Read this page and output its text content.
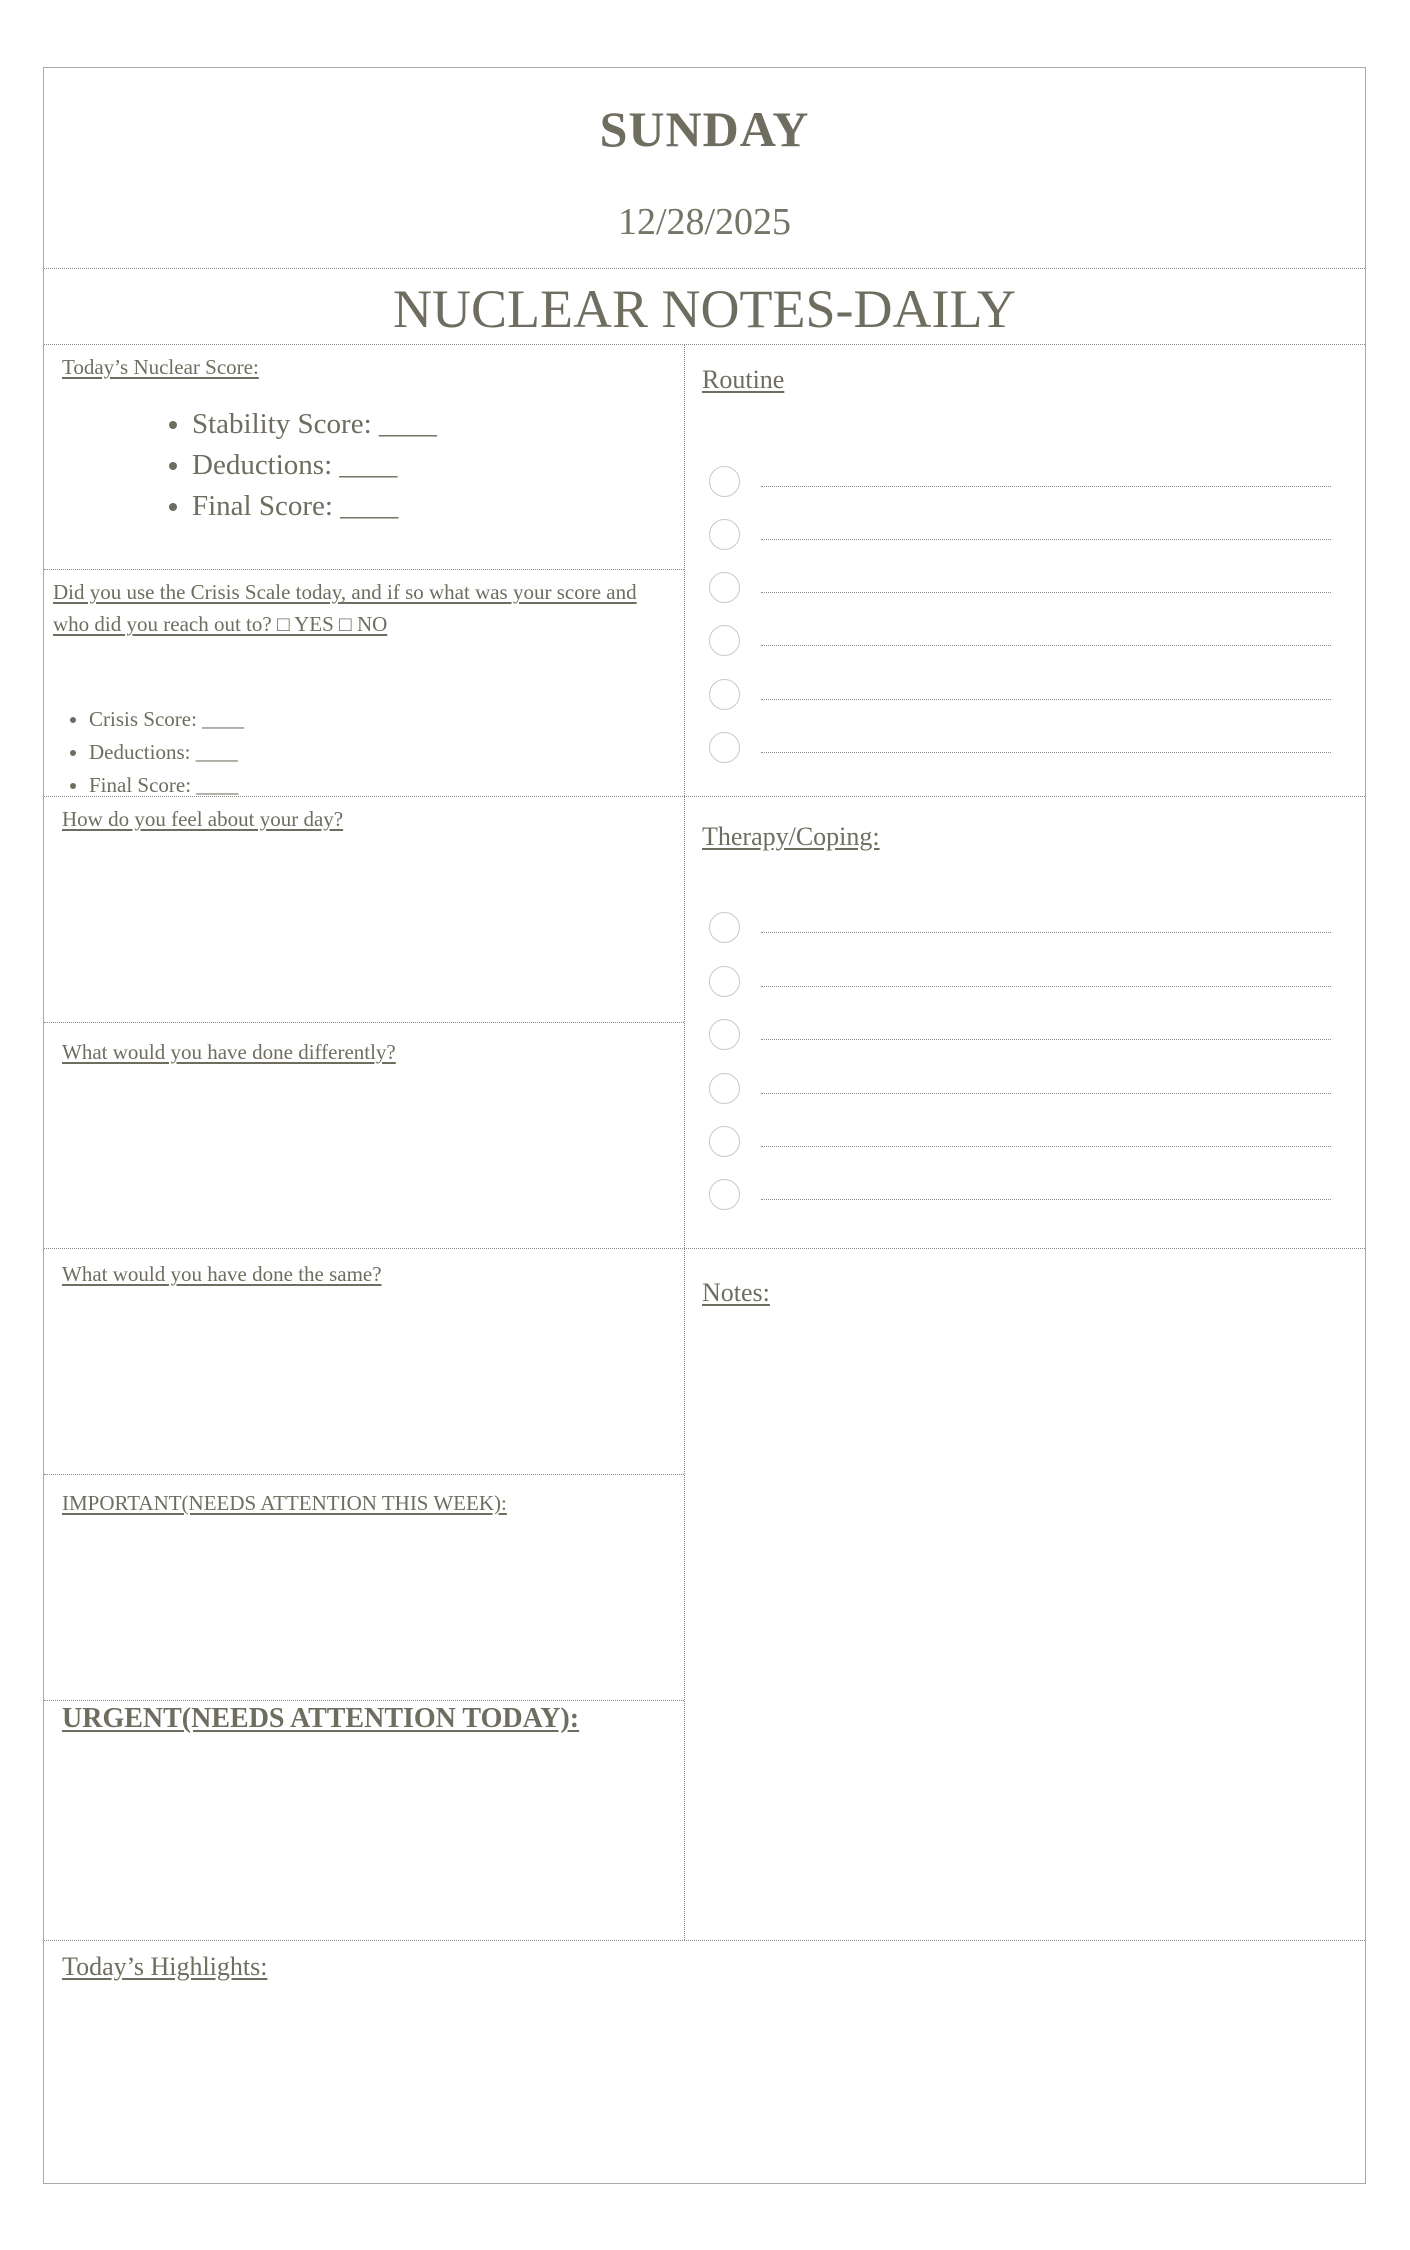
SUNDAY
12/28/2025
NUCLEAR NOTES-DAILY
Today’s Nuclear Score:
• Stability Score: ____
• Deductions: ____
• Final Score: ____
Did you use the Crisis Scale today, and if so what was your score and who did you reach out to? □ YES □ NO
• Crisis Score: ____
• Deductions: ____
• Final Score: ____
How do you feel about your day?
What would you have done differently?
What would you have done the same?
IMPORTANT(NEEDS ATTENTION THIS WEEK):
URGENT(NEEDS ATTENTION TODAY):
Today’s Highlights:
Routine
Therapy/Coping:
Notes:
